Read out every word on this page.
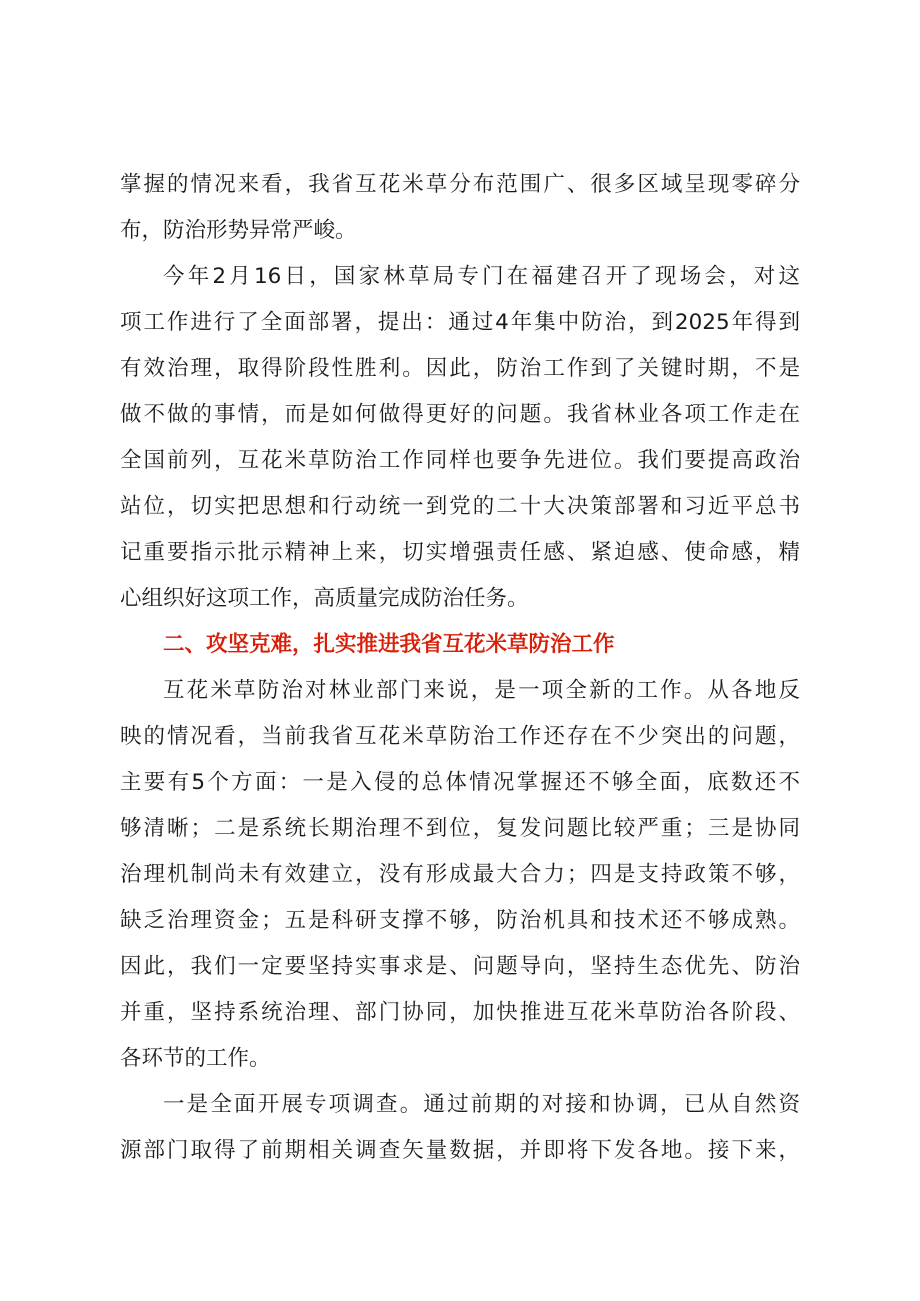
掌握的情况来看，我省互花米草分布范围广、很多区域呈现零碎分
布，防治形势异常严峻。
今年2月16日，国家林草局专门在福建召开了现场会，对这
项工作进行了全面部署，提出：通过4年集中防治，到2025年得到
有效治理，取得阶段性胜利。因此，防治工作到了关键时期，不是
做不做的事情，而是如何做得更好的问题。我省林业各项工作走在
全国前列，互花米草防治工作同样也要争先进位。我们要提高政治
站位，切实把思想和行动统一到党的二十大决策部署和习近平总书
记重要指示批示精神上来，切实增强责任感、紧迫感、使命感，精
心组织好这项工作，高质量完成防治任务。
二、攻坚克难，扎实推进我省互花米草防治工作
互花米草防治对林业部门来说，是一项全新的工作。从各地反
映的情况看，当前我省互花米草防治工作还存在不少突出的问题，
主要有5个方面：一是入侵的总体情况掌握还不够全面，底数还不
够清晰；二是系统长期治理不到位，复发问题比较严重；三是协同
治理机制尚未有效建立，没有形成最大合力；四是支持政策不够，
缺乏治理资金；五是科研支撑不够，防治机具和技术还不够成熟。
因此，我们一定要坚持实事求是、问题导向，坚持生态优先、防治
并重，坚持系统治理、部门协同，加快推进互花米草防治各阶段、
各环节的工作。
一是全面开展专项调查。通过前期的对接和协调，已从自然资
源部门取得了前期相关调查矢量数据，并即将下发各地。接下来，
